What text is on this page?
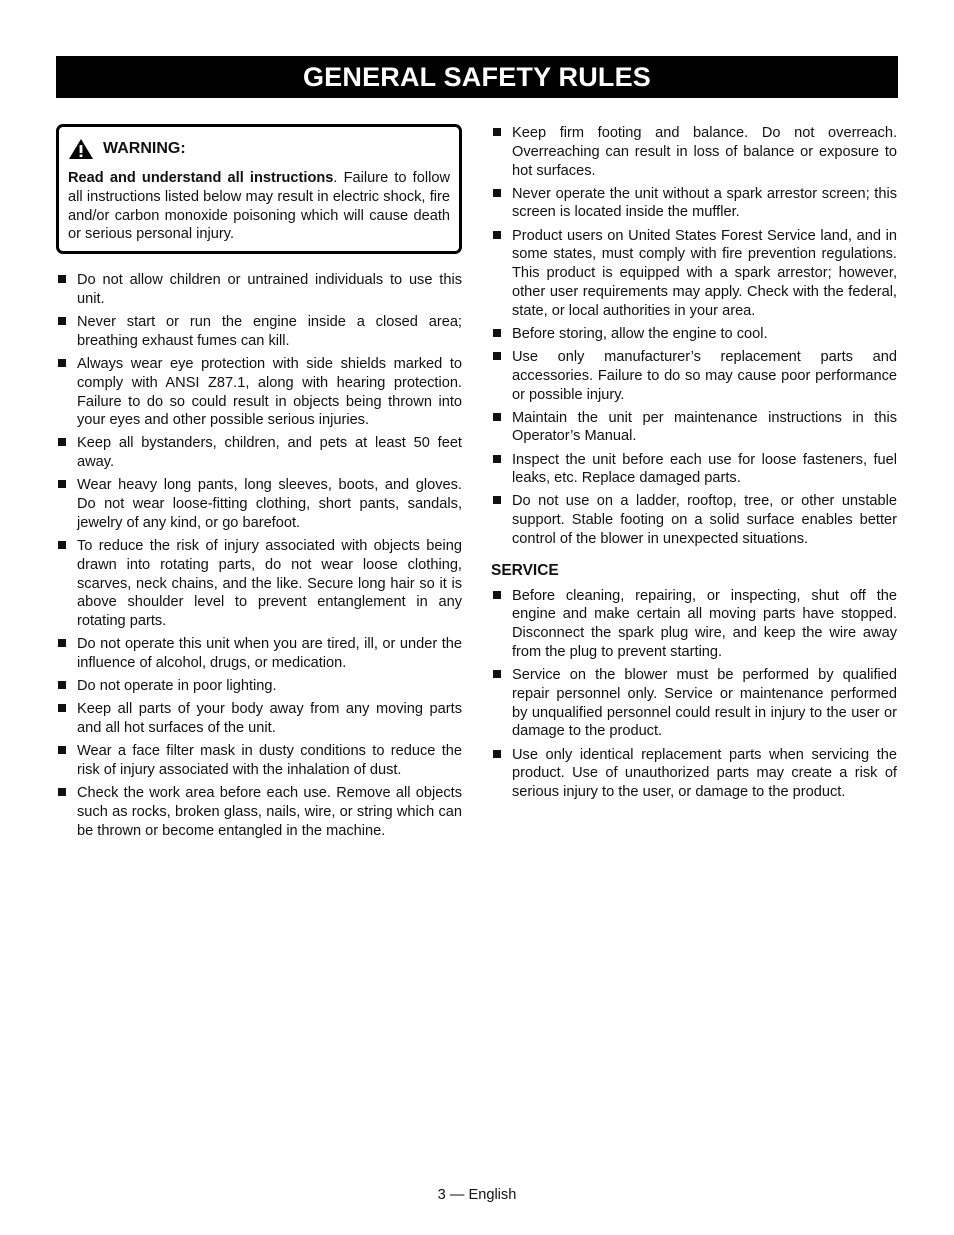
GENERAL SAFETY RULES
WARNING:
Read and understand all instructions. Failure to follow all instructions listed below may result in electric shock, fire and/or carbon monoxide poisoning which will cause death or serious personal injury.
Do not allow children or untrained individuals to use this unit.
Never start or run the engine inside a closed area; breathing exhaust fumes can kill.
Always wear eye protection with side shields marked to comply with ANSI Z87.1, along with hearing protection. Failure to do so could result in objects being thrown into your eyes and other possible serious injuries.
Keep all bystanders, children, and pets at least 50 feet away.
Wear heavy long pants, long sleeves, boots, and gloves. Do not wear loose-fitting clothing, short pants, sandals, jewelry of any kind, or go barefoot.
To reduce the risk of injury associated with objects being drawn into rotating parts, do not wear loose clothing, scarves, neck chains, and the like. Secure long hair so it is above shoulder level to prevent entanglement in any rotating parts.
Do not operate this unit when you are tired, ill, or under the influence of alcohol, drugs, or medication.
Do not operate in poor lighting.
Keep all parts of your body away from any moving parts and all hot surfaces of the unit.
Wear a face filter mask in dusty conditions to reduce the risk of injury associated with the inhalation of dust.
Check the work area before each use. Remove all objects such as rocks, broken glass, nails, wire, or string which can be thrown or become entangled in the machine.
Keep firm footing and balance. Do not overreach. Overreaching can result in loss of balance or exposure to hot surfaces.
Never operate the unit without a spark arrestor screen; this screen is located inside the muffler.
Product users on United States Forest Service land, and in some states, must comply with fire prevention regulations. This product is equipped with a spark arrestor; however, other user requirements may apply. Check with the federal, state, or local authorities in your area.
Before storing, allow the engine to cool.
Use only manufacturer’s replacement parts and accessories. Failure to do so may cause poor performance or possible injury.
Maintain the unit per maintenance instructions in this Operator’s Manual.
Inspect the unit before each use for loose fasteners, fuel leaks, etc. Replace damaged parts.
Do not use on a ladder, rooftop, tree, or other unstable support. Stable footing on a solid surface enables better control of the blower in unexpected situations.
SERVICE
Before cleaning, repairing, or inspecting, shut off the engine and make certain all moving parts have stopped. Disconnect the spark plug wire, and keep the wire away from the plug to prevent starting.
Service on the blower must be performed by qualified repair personnel only. Service or maintenance performed by unqualified personnel could result in injury to the user or damage to the product.
Use only identical replacement parts when servicing the product. Use of unauthorized parts may create a risk of serious injury to the user, or damage to the product.
3 — English
